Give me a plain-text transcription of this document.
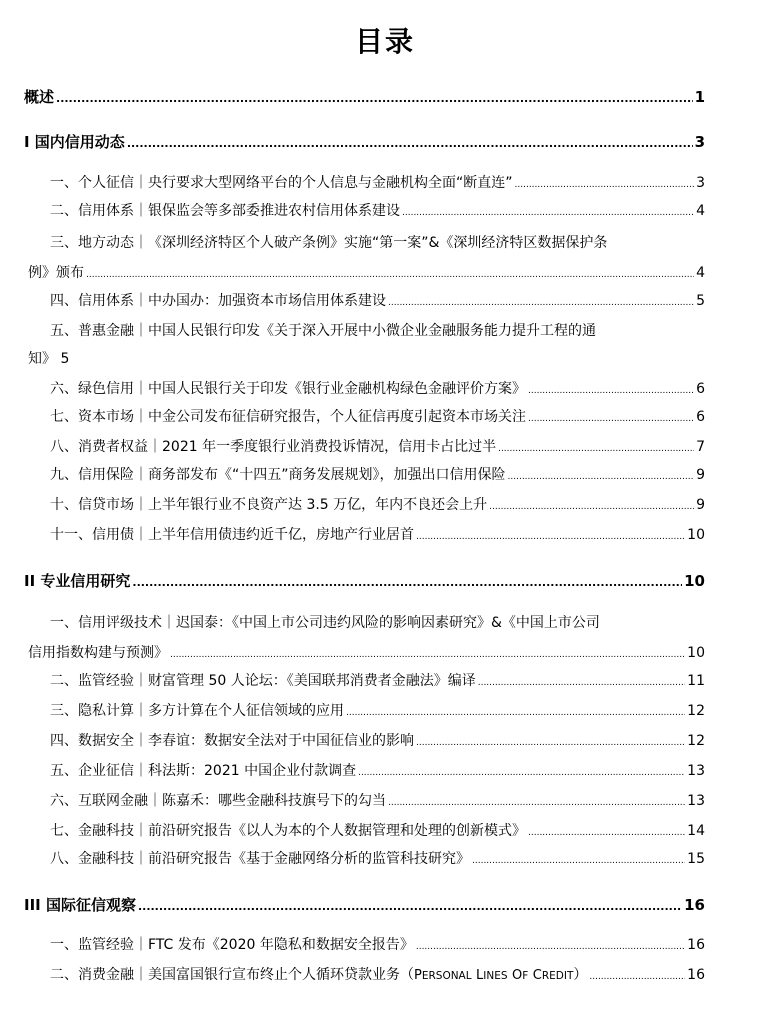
目录
概述 .....	1
I 国内信用动态 .....	3
一、个人征信｜央行要求大型网络平台的个人信息与金融机构全面“断直连” .....	3
二、信用体系｜银保监会等多部委推进农村信用体系建设 .....	4
三、地方动态｜《深圳经济特区个人破产条例》实施“第一案”&《深圳经济特区数据保护条
例》颁布 .....	4
四、信用体系｜中办国办：加强资本市场信用体系建设 .....	5
五、普惠金融｜中国人民银行印发《关于深入开展中小微企业金融服务能力提升工程的通
知》 5
六、绿色信用｜中国人民银行关于印发《银行业金融机构绿色金融评价方案》 .....	6
七、资本市场｜中金公司发布征信研究报告，个人征信再度引起资本市场关注 .....	6
八、消费者权益｜2021 年一季度银行业消费投诉情况，信用卡占比过半 .....	7
九、信用保险｜商务部发布《“十四五”商务发展规划》，加强出口信用保险 .....	9
十、信贷市场｜上半年银行业不良资产达 3.5 万亿，年内不良还会上升 .....	9
十一、信用债｜上半年信用债违约近千亿，房地产行业居首 .....	10
II 专业信用研究 .....	10
一、信用评级技术｜迟国泰：《中国上市公司违约风险的影响因素研究》&《中国上市公司
信用指数构建与预测》 .....	10
二、监管经验｜财富管理 50 人论坛：《美国联邦消费者金融法》编译 .....	11
三、隐私计算｜多方计算在个人征信领域的应用 .....	12
四、数据安全｜李春谊：数据安全法对于中国征信业的影响 .....	12
五、企业征信｜科法斯：2021 中国企业付款调查 .....	13
六、互联网金融｜陈嘉禾：哪些金融科技旗号下的勾当 .....	13
七、金融科技｜前沿研究报告《以人为本的个人数据管理和处理的创新模式》 .....	14
八、金融科技｜前沿研究报告《基于金融网络分析的监管科技研究》 .....	15
III 国际征信观察 .....	16
一、监管经验｜FTC 发布《2020 年隐私和数据安全报告》 .....	16
二、消费金融｜美国富国银行宣布终止个人循环贷款业务（PERSONAL LINES OF CREDIT） .....	16
